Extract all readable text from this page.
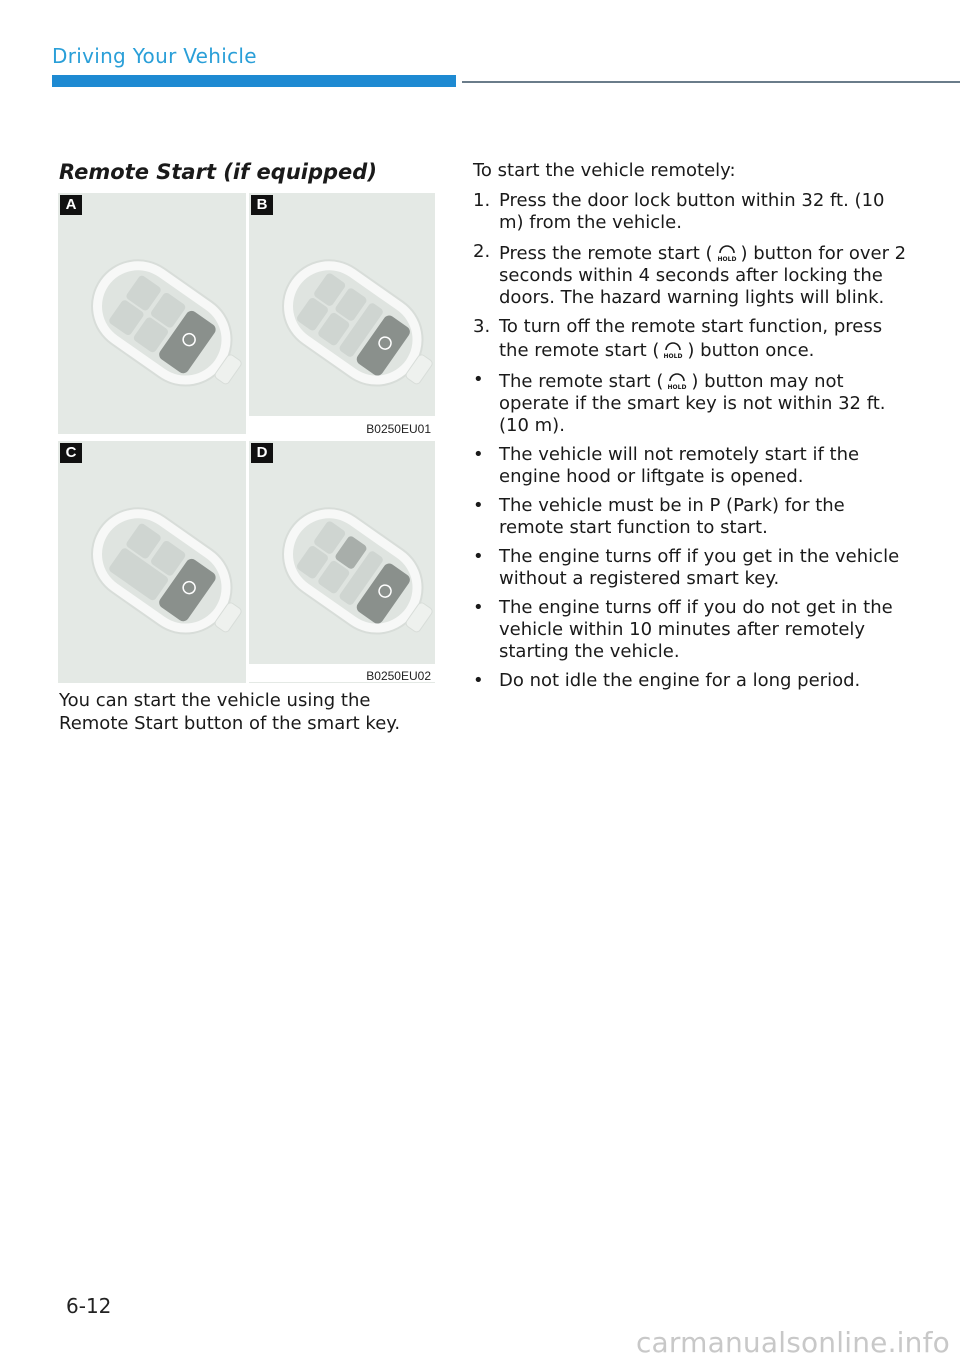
Driving Your Vehicle
Remote Start (if equipped)
A	B
C	D
B0250EU01
B0250EU02
You can start the vehicle using the Remote Start button of the smart key.

To start the vehicle remotely:

1. Press the door lock button within 32 ft. (10 m) from the vehicle.
2. Press the remote start ( HOLD ) button for over 2 seconds within 4 seconds after locking the doors. The hazard warning lights will blink.
3. To turn off the remote start function, press the remote start ( HOLD ) button once.
• The remote start ( HOLD ) button may not operate if the smart key is not within 32 ft. (10 m).
• The vehicle will not remotely start if the engine hood or liftgate is opened.
• The vehicle must be in P (Park) for the remote start function to start.
• The engine turns off if you get in the vehicle without a registered smart key.
• The engine turns off if you do not get in the vehicle within 10 minutes after remotely starting the vehicle.
• Do not idle the engine for a long period.
6-12
carmanualsonline.info
